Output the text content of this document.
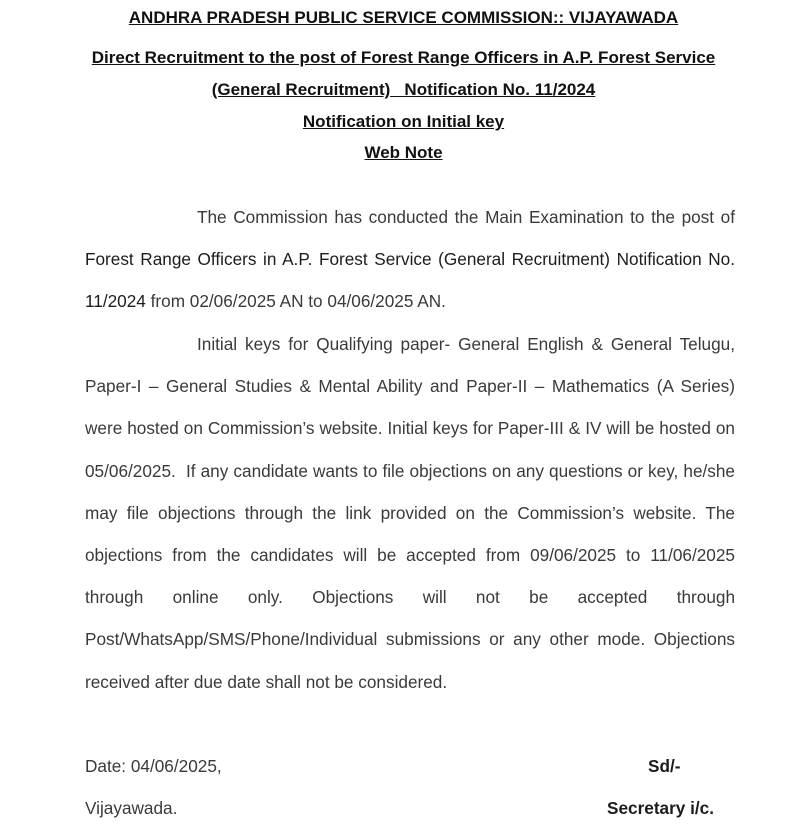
ANDHRA PRADESH PUBLIC SERVICE COMMISSION:: VIJAYAWADA
Direct Recruitment to the post of Forest Range Officers in A.P. Forest Service
(General Recruitment)   Notification No. 11/2024
Notification on Initial key
Web Note

The Commission has conducted the Main Examination to the post of Forest Range Officers in A.P. Forest Service (General Recruitment) Notification No. 11/2024 from 02/06/2025 AN to 04/06/2025 AN.

Initial keys for Qualifying paper- General English & General Telugu, Paper-I – General Studies & Mental Ability and Paper-II – Mathematics (A Series) were hosted on Commission’s website. Initial keys for Paper-III & IV will be hosted on 05/06/2025.  If any candidate wants to file objections on any questions or key, he/she may file objections through the link provided on the Commission’s website. The objections from the candidates will be accepted from 09/06/2025 to 11/06/2025 through online only. Objections will not be accepted through Post/WhatsApp/SMS/Phone/Individual submissions or any other mode. Objections received after due date shall not be considered.

Date: 04/06/2025,
Vijayawada.
Sd/-
Secretary i/c.
